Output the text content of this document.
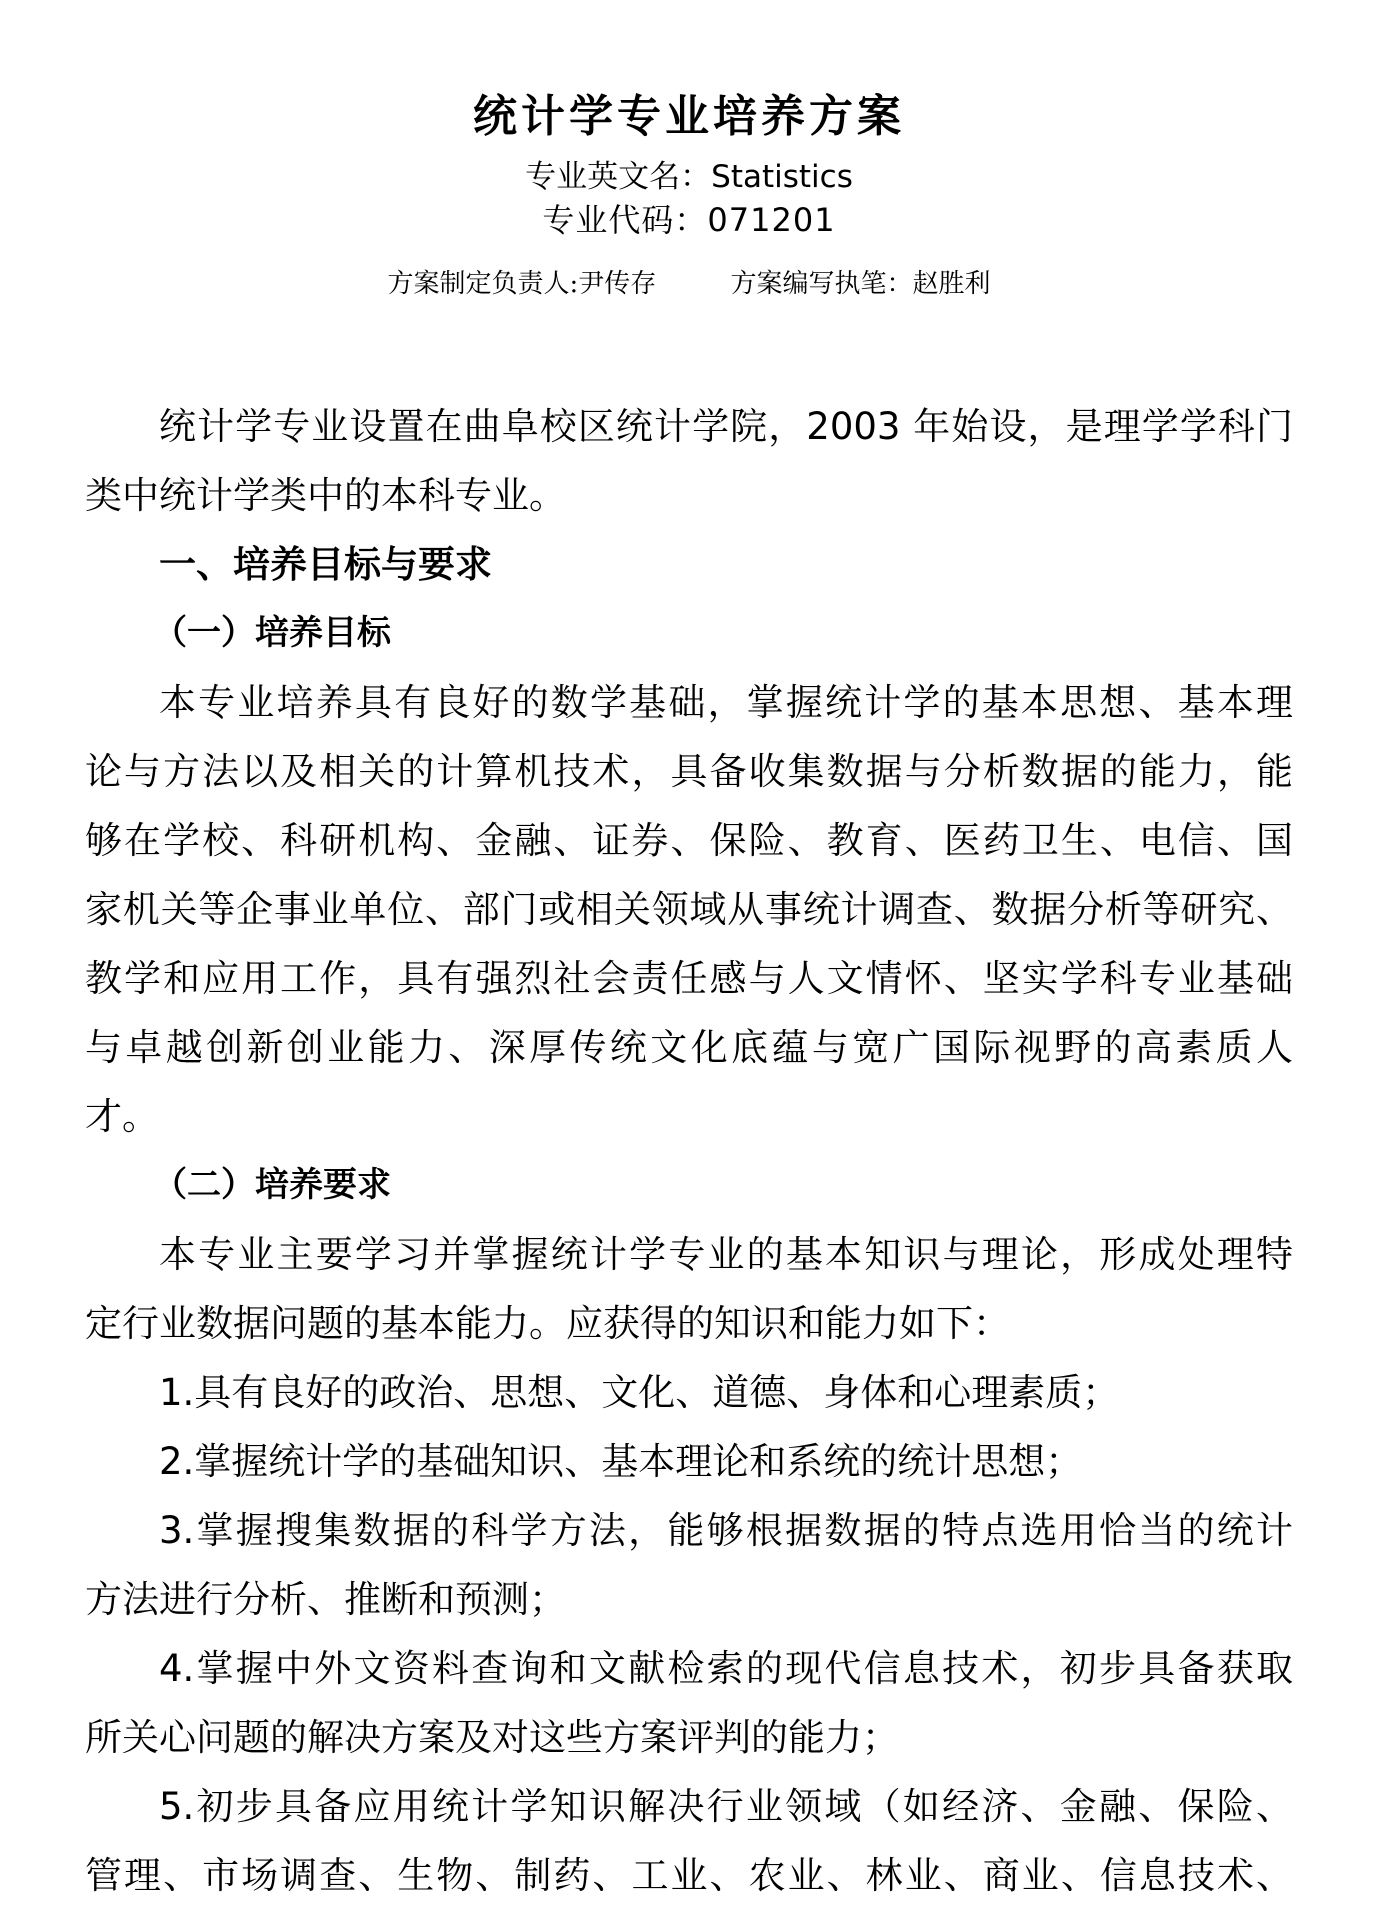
统计学专业培养方案
专业英文名：Statistics
专业代码：071201
方案制定负责人:尹传存	方案编写执笔：赵胜利
统计学专业设置在曲阜校区统计学院，2003 年始设，是理学学科门
类中统计学类中的本科专业。
一、培养目标与要求
（一）培养目标
本专业培养具有良好的数学基础，掌握统计学的基本思想、基本理
论与方法以及相关的计算机技术，具备收集数据与分析数据的能力，能
够在学校、科研机构、金融、证券、保险、教育、医药卫生、电信、国
家机关等企事业单位、部门或相关领域从事统计调查、数据分析等研究、
教学和应用工作，具有强烈社会责任感与人文情怀、坚实学科专业基础
与卓越创新创业能力、深厚传统文化底蕴与宽广国际视野的高素质人
才。
（二）培养要求
本专业主要学习并掌握统计学专业的基本知识与理论，形成处理特
定行业数据问题的基本能力。应获得的知识和能力如下：
1.具有良好的政治、思想、文化、道德、身体和心理素质；
2.掌握统计学的基础知识、基本理论和系统的统计思想；
3.掌握搜集数据的科学方法，能够根据数据的特点选用恰当的统计
方法进行分析、推断和预测；
4.掌握中外文资料查询和文献检索的现代信息技术，初步具备获取
所关心问题的解决方案及对这些方案评判的能力；
5.初步具备应用统计学知识解决行业领域（如经济、金融、保险、
管理、市场调查、生物、制药、工业、农业、林业、商业、信息技术、
